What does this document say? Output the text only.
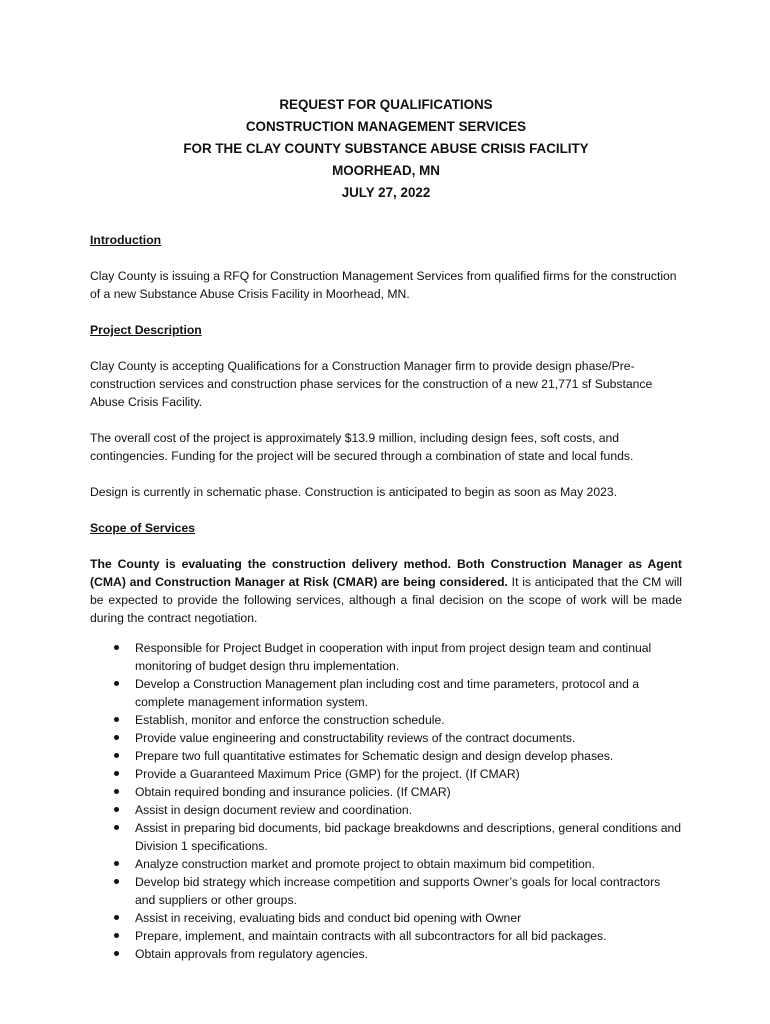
REQUEST FOR QUALIFICATIONS
CONSTRUCTION MANAGEMENT SERVICES
FOR THE CLAY COUNTY SUBSTANCE ABUSE CRISIS FACILITY
MOORHEAD, MN
JULY 27, 2022
Introduction

Clay County is issuing a RFQ for Construction Management Services from qualified firms for the construction of a new Substance Abuse Crisis Facility in Moorhead, MN.

Project Description

Clay County is accepting Qualifications for a Construction Manager firm to provide design phase/Pre-construction services and construction phase services for the construction of a new 21,771 sf Substance Abuse Crisis Facility.

The overall cost of the project is approximately $13.9 million, including design fees, soft costs, and contingencies. Funding for the project will be secured through a combination of state and local funds.

Design is currently in schematic phase. Construction is anticipated to begin as soon as May 2023.

Scope of Services

The County is evaluating the construction delivery method. Both Construction Manager as Agent (CMA) and Construction Manager at Risk (CMAR) are being considered. It is anticipated that the CM will be expected to provide the following services, although a final decision on the scope of work will be made during the contract negotiation.

Responsible for Project Budget in cooperation with input from project design team and continual monitoring of budget design thru implementation.
Develop a Construction Management plan including cost and time parameters, protocol and a complete management information system.
Establish, monitor and enforce the construction schedule.
Provide value engineering and constructability reviews of the contract documents.
Prepare two full quantitative estimates for Schematic design and design develop phases.
Provide a Guaranteed Maximum Price (GMP) for the project. (If CMAR)
Obtain required bonding and insurance policies. (If CMAR)
Assist in design document review and coordination.
Assist in preparing bid documents, bid package breakdowns and descriptions, general conditions and Division 1 specifications.
Analyze construction market and promote project to obtain maximum bid competition.
Develop bid strategy which increase competition and supports Owner’s goals for local contractors and suppliers or other groups.
Assist in receiving, evaluating bids and conduct bid opening with Owner
Prepare, implement, and maintain contracts with all subcontractors for all bid packages.
Obtain approvals from regulatory agencies.
